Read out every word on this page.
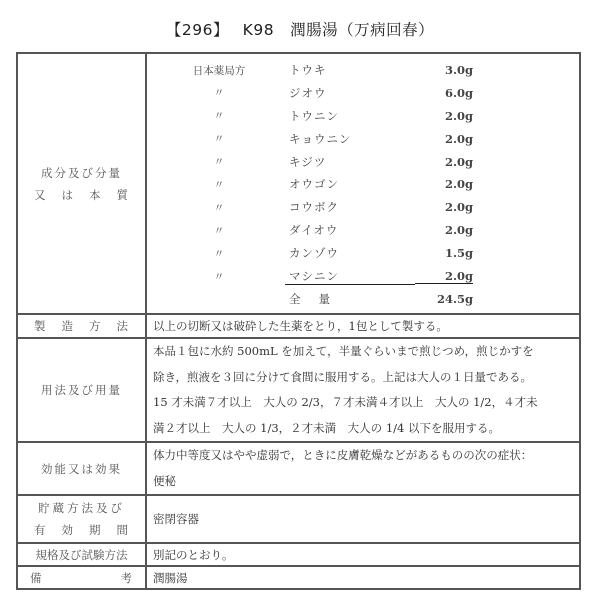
【296】　 K98　 潤腸湯（万病回春）
成分及び分量
又 は 本 質

日本薬局方	トウキ	3.0g
〃	ジオウ	6.0g
〃	トウニン	2.0g
〃	キョウニン	2.0g
〃	キジツ	2.0g
〃	オウゴン	2.0g
〃	コウボク	2.0g
〃	ダイオウ	2.0g
〃	カンゾウ	1.5g
〃	マシニン	2.0g
全量	24.5g

製 造 方 法	以上の切断又は破砕した生薬をとり，1包として製する。
用法及び用量	本品１包に水約 500mL を加えて，半量ぐらいまで煎じつめ，煎じかすを
除き，煎液を３回に分けて食間に服用する。上記は大人の１日量である。
15 才未満７才以上　大人の 2/3，７才未満４才以上　大人の 1/2，４才未
満２才以上　大人の 1/3，２才未満　大人の 1/4 以下を服用する。

効能又は効果	体力中等度又はやや虚弱で，ときに皮膚乾燥などがあるものの次の症状：
便秘

貯蔵方法及び
有 効 期 間	密閉容器
規格及び試験方法	別記のとおり。

備 考	潤腸湯
